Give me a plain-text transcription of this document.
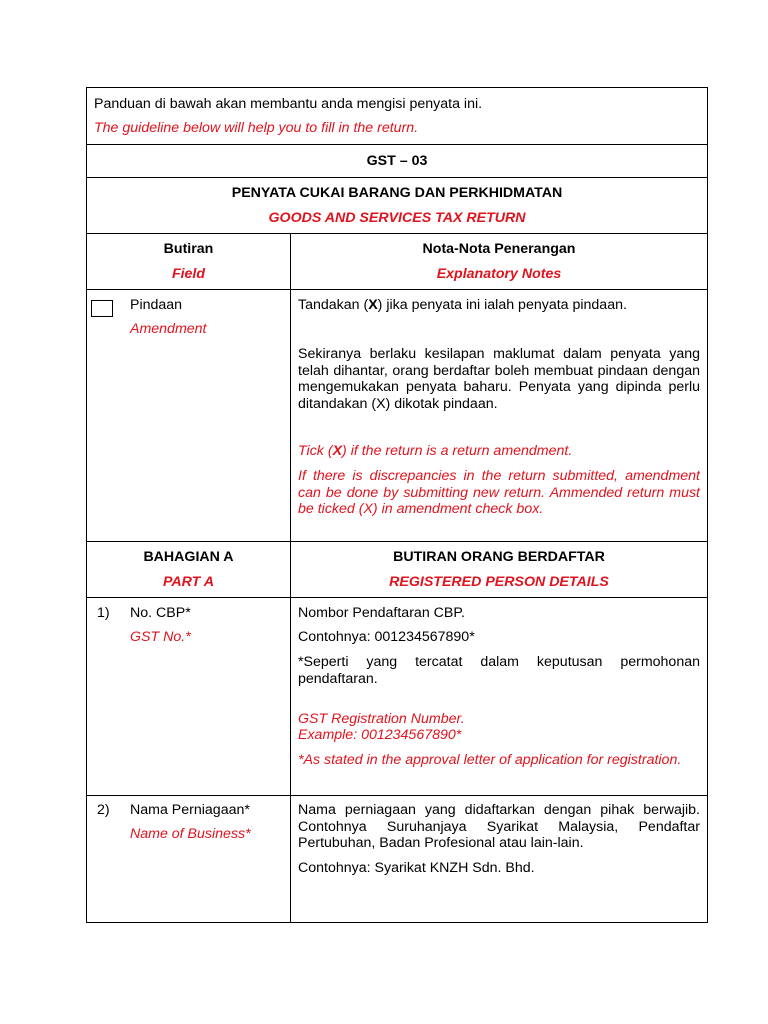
Panduan di bawah akan membantu anda mengisi penyata ini.
The guideline below will help you to fill in the return.
GST – 03
PENYATA CUKAI BARANG DAN PERKHIDMATAN
GOODS AND SERVICES TAX RETURN
Butiran
Field
Nota-Nota Penerangan
Explanatory Notes
Pindaan
Amendment
Tandakan (X) jika penyata ini ialah penyata pindaan.
Sekiranya berlaku kesilapan maklumat dalam penyata yang telah dihantar, orang berdaftar boleh membuat pindaan dengan mengemukakan penyata baharu. Penyata yang dipinda perlu ditandakan (X) dikotak pindaan.
Tick (X) if the return is a return amendment.
If there is discrepancies in the return submitted, amendment can be done by submitting new return. Ammended return must be ticked (X) in amendment check box.
BAHAGIAN A
PART A
BUTIRAN ORANG BERDAFTAR
REGISTERED PERSON DETAILS
1) No. CBP*
GST No.*
Nombor Pendaftaran CBP.
Contohnya: 001234567890*
*Seperti yang tercatat dalam keputusan permohonan pendaftaran.
GST Registration Number.
Example: 001234567890*
*As stated in the approval letter of application for registration.
2) Nama Perniagaan*
Name of Business*
Nama perniagaan yang didaftarkan dengan pihak berwajib. Contohnya Suruhanjaya Syarikat Malaysia, Pendaftar Pertubuhan, Badan Profesional atau lain-lain.
Contohnya: Syarikat KNZH Sdn. Bhd.
